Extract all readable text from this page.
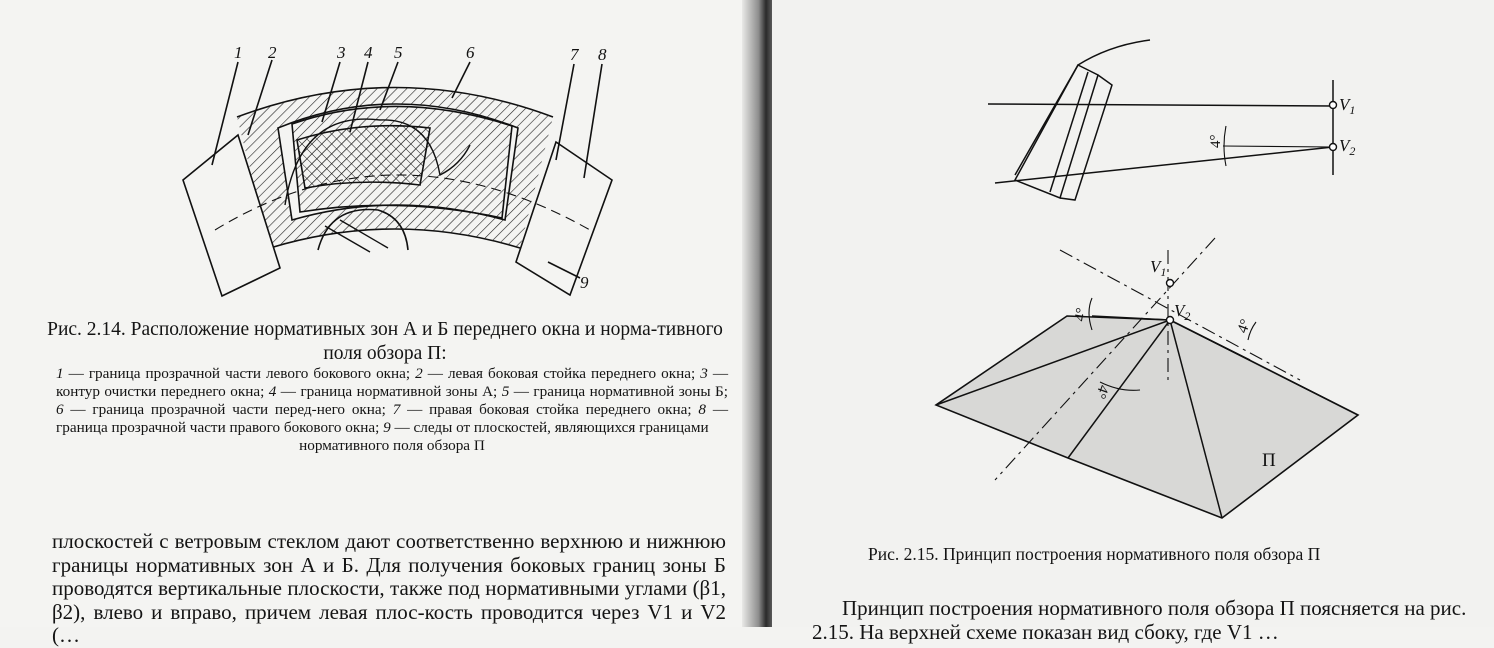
1 2	3 4 5	6	7 8
9
Рис. 2.14. Расположение нормативных зон А и Б переднего окна и норма-тивного поля обзора П:
1 — граница прозрачной части левого бокового окна; 2 — левая боковая стойка переднего окна; 3 — контур очистки переднего окна; 4 — граница нормативной зоны А; 5 — граница нормативной зоны Б; 6 — граница прозрачной части перед-него окна; 7 — правая боковая стойка переднего окна; 8 — граница прозрачной части правого бокового окна; 9 — следы от плоскостей, являющихся границами
нормативного поля обзора П
плоскостей с ветровым стеклом дают соответственно верхнюю и нижнюю границы нормативных зон А и Б. Для получения боковых границ зоны Б проводятся вертикальные плоскости, также под нормативными углами (β1, β2), влево и вправо, причем левая плос-кость проводится через V1 и V2 (…
$V_1$
$V_2$
$V_1$
$V_2$
4°
4°
4°
4°
П
Рис. 2.15. Принцип построения нормативного поля обзора П
Принцип построения нормативного поля обзора П поясняется на рис. 2.15. На верхней схеме показан вид сбоку, где V1 …
